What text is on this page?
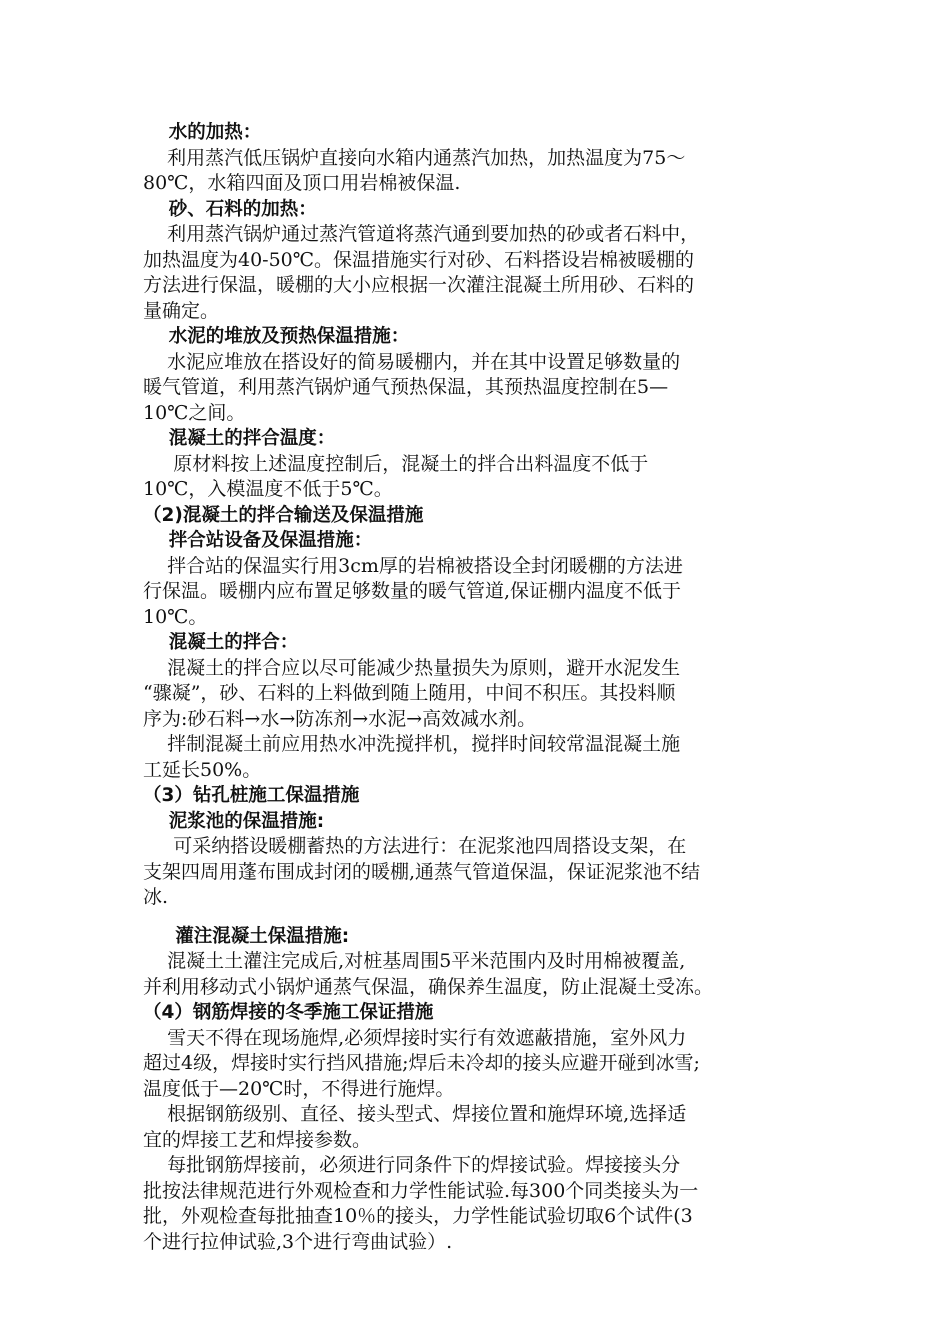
水的加热：
利用蒸汽低压锅炉直接向水箱内通蒸汽加热，加热温度为75～
80℃，水箱四面及顶口用岩棉被保温.
砂、石料的加热：
利用蒸汽锅炉通过蒸汽管道将蒸汽通到要加热的砂或者石料中，
加热温度为40-50℃。保温措施实行对砂、石料搭设岩棉被暖棚的
方法进行保温，暖棚的大小应根据一次灌注混凝土所用砂、石料的
量确定。
水泥的堆放及预热保温措施：
水泥应堆放在搭设好的简易暖棚内，并在其中设置足够数量的
暖气管道，利用蒸汽锅炉通气预热保温，其预热温度控制在5—
10℃之间。
混凝土的拌合温度：
原材料按上述温度控制后，混凝土的拌合出料温度不低于
10℃，入模温度不低于5℃。
（2)混凝土的拌合输送及保温措施
拌合站设备及保温措施：
拌合站的保温实行用3cm厚的岩棉被搭设全封闭暖棚的方法进
行保温。暖棚内应布置足够数量的暖气管道,保证棚内温度不低于
10℃。
混凝土的拌合：
混凝土的拌合应以尽可能减少热量损失为原则，避开水泥发生
“骤凝”，砂、石料的上料做到随上随用，中间不积压。其投料顺
序为:砂石料→水→防冻剂→水泥→高效减水剂。
拌制混凝土前应用热水冲洗搅拌机，搅拌时间较常温混凝土施
工延长50%。
（3）钻孔桩施工保温措施
泥浆池的保温措施:
可采纳搭设暖棚蓄热的方法进行：在泥浆池四周搭设支架，在
支架四周用蓬布围成封闭的暖棚,通蒸气管道保温，保证泥浆池不结
冰.
灌注混凝土保温措施:
混凝土土灌注完成后,对桩基周围5平米范围内及时用棉被覆盖,
并利用移动式小锅炉通蒸气保温，确保养生温度，防止混凝土受冻。
（4）钢筋焊接的冬季施工保证措施
雪天不得在现场施焊,必须焊接时实行有效遮蔽措施，室外风力
超过4级，焊接时实行挡风措施;焊后未冷却的接头应避开碰到冰雪;
温度低于—20℃时，不得进行施焊。
根据钢筋级别、直径、接头型式、焊接位置和施焊环境,选择适
宜的焊接工艺和焊接参数。
每批钢筋焊接前，必须进行同条件下的焊接试验。焊接接头分
批按法律规范进行外观检查和力学性能试验.每300个同类接头为一
批，外观检查每批抽查10％的接头，力学性能试验切取6个试件(3
个进行拉伸试验,3个进行弯曲试验）.
